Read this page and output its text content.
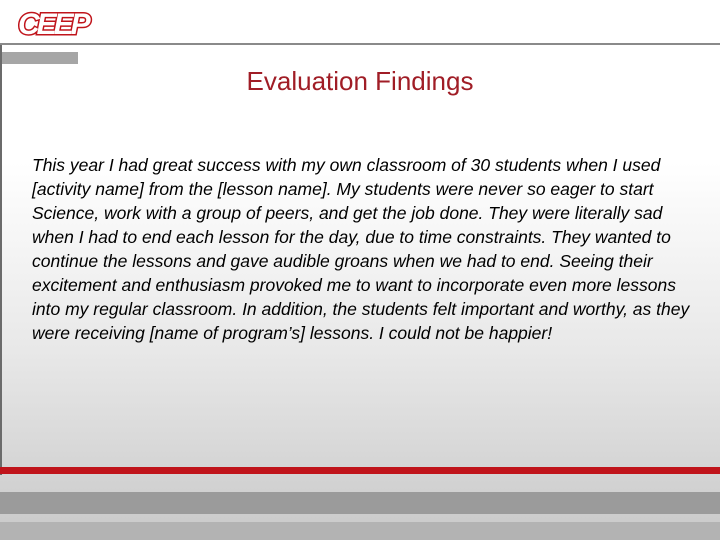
CEEP
Evaluation Findings

This year I had great success with my own classroom of 30 students when I used [activity name] from the [lesson name]. My students were never so eager to start Science, work with a group of peers, and get the job done. They were literally sad when I had to end each lesson for the day, due to time constraints. They wanted to continue the lessons and gave audible groans when we had to end. Seeing their excitement and enthusiasm provoked me to want to incorporate even more lessons into my regular classroom. In addition, the students felt important and worthy, as they were receiving [name of program’s] lessons. I could not be happier!
